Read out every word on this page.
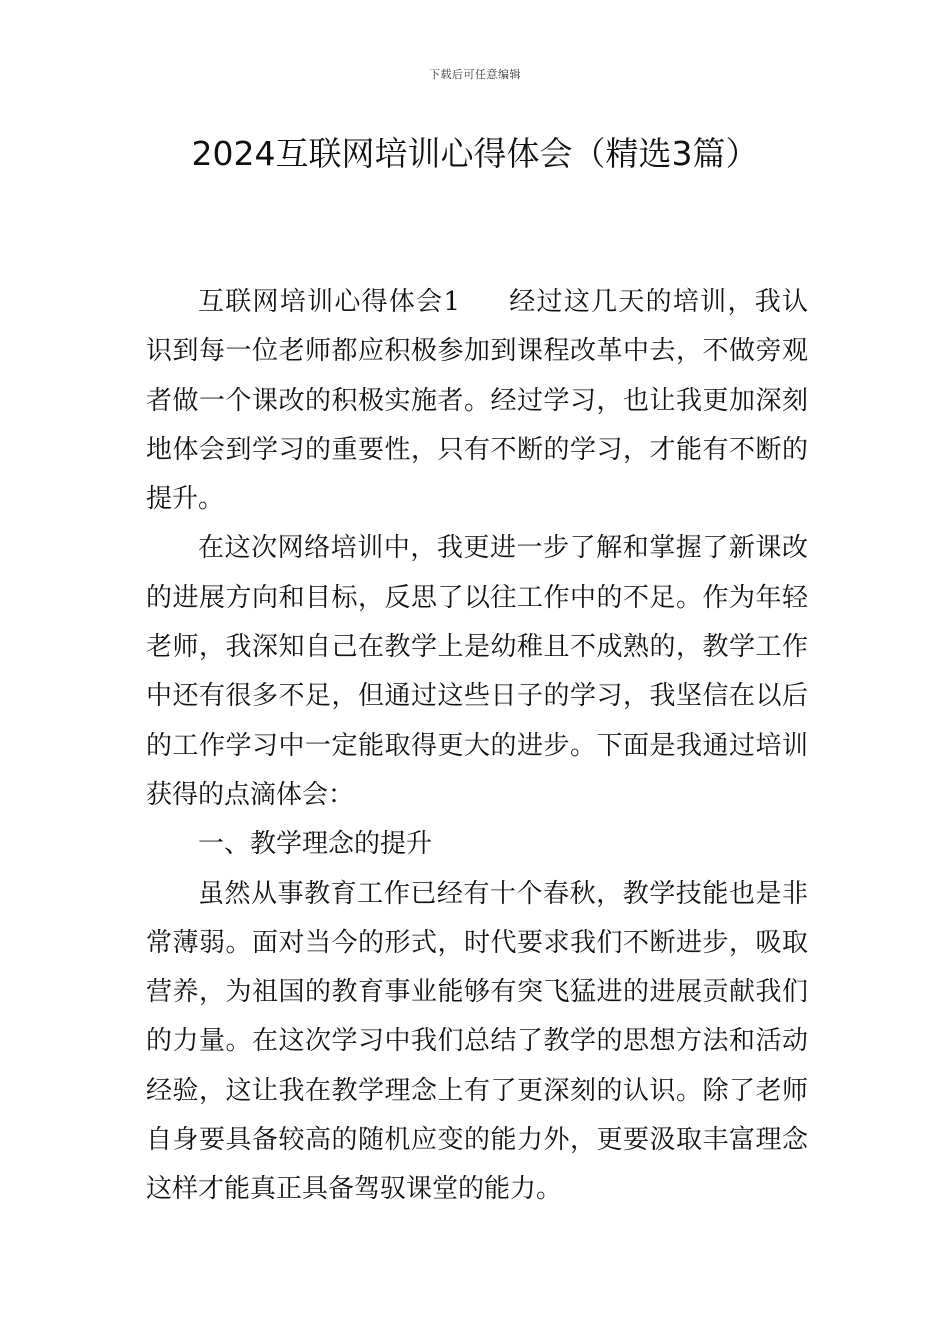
下载后可任意编辑
2024互联网培训心得体会（精选3篇）

互联网培训心得体会1 经过这几天的培训，我认识到每一位老师都应积极参加到课程改革中去，不做旁观者做一个课改的积极实施者。经过学习，也让我更加深刻地体会到学习的重要性，只有不断的学习，才能有不断的提升。

在这次网络培训中，我更进一步了解和掌握了新课改的进展方向和目标，反思了以往工作中的不足。作为年轻老师，我深知自己在教学上是幼稚且不成熟的，教学工作中还有很多不足，但通过这些日子的学习，我坚信在以后的工作学习中一定能取得更大的进步。下面是我通过培训获得的点滴体会：

一、教学理念的提升

虽然从事教育工作已经有十个春秋，教学技能也是非常薄弱。面对当今的形式，时代要求我们不断进步，吸取营养，为祖国的教育事业能够有突飞猛进的进展贡献我们的力量。在这次学习中我们总结了教学的思想方法和活动经验，这让我在教学理念上有了更深刻的认识。除了老师自身要具备较高的随机应变的能力外，更要汲取丰富理念这样才能真正具备驾驭课堂的能力。
